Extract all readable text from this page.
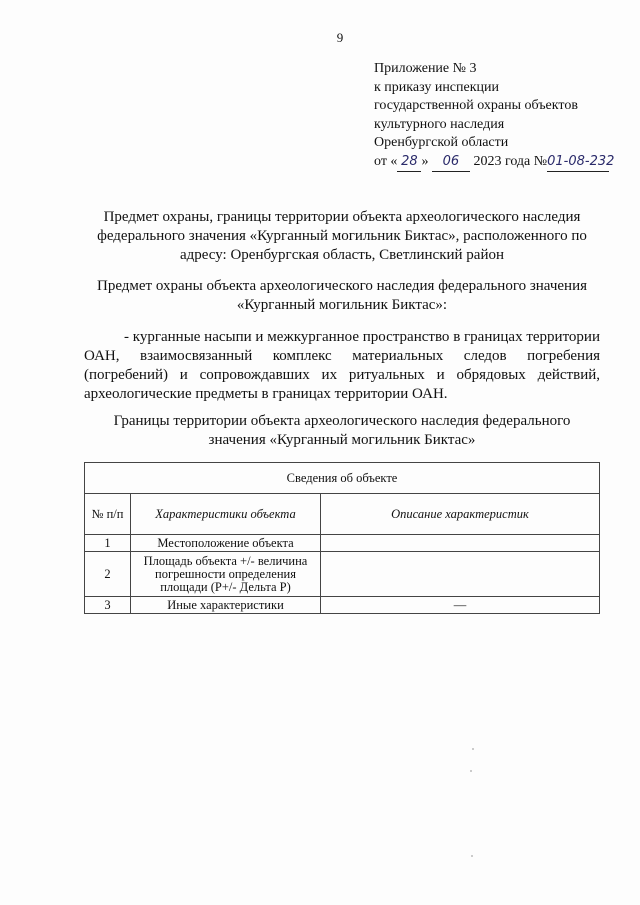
9
Приложение № 3
к приказу инспекции
государственной охраны объектов
культурного наследия
Оренбургской области
от « 28 » 06 2023 года №01-08-232
Предмет охраны, границы территории объекта археологического наследия
федерального значения «Курганный могильник Биктас», расположенного по
адресу: Оренбургская область, Светлинский район
Предмет охраны объекта археологического наследия федерального значения
«Курганный могильник Биктас»:
- курганные насыпи и межкурганное пространство в границах территории ОАН, взаимосвязанный комплекс материальных следов погребения (погребений) и сопровождавших их ритуальных и обрядовых действий, археологические предметы в границах территории ОАН.
Границы территории объекта археологического наследия федерального
значения «Курганный могильник Биктас»
Сведения об объекте		
№ п/п	Характеристики объекта	Описание характеристик
1	Местоположение объекта	
2	Площадь объекта +/- величина погрешности определения площади (Р+/- Дельта Р)	
3	Иные характеристики	—
